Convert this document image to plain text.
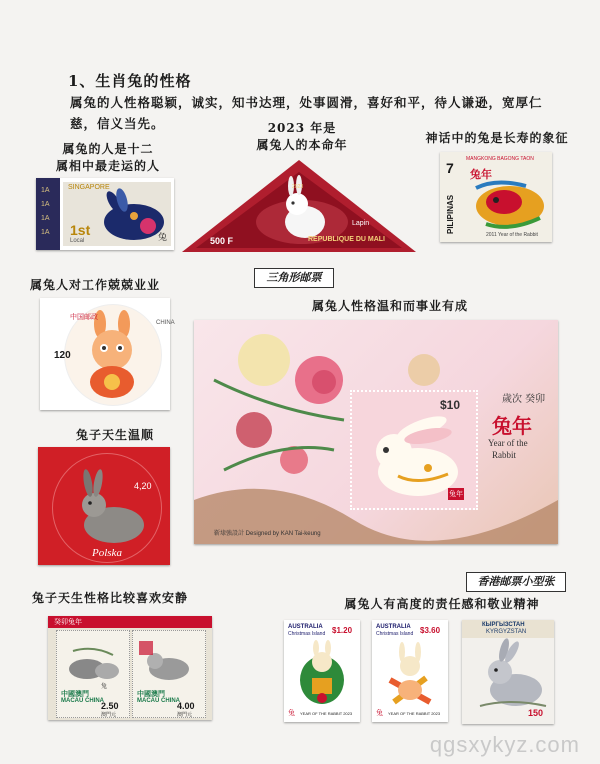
1、生肖兔的性格
属兔的人性格聪颖，诚实，知书达理，处事圆滑，喜好和平，待人谦逊，宽厚仁慈，信义当先。
属兔的人是十二
属相中最走运的人
2023 年是
属兔人的本命年	神话中的兔是长寿的象征
三角形邮票
属兔人对工作兢兢业业
属兔人性格温和而事业有成
兔子天生温顺
香港邮票小型张
兔子天生性格比较喜欢安静	属兔人有高度的责任感和敬业精神
1A
1A
1A
1A
SINGAPORE
1st
Local	兔
2023
Lapin
500 F	REPUBLIQUE DU MALI
7
PILIPINAS
MANGKONG BAGONG TAON
兔年
2011 Year of the Rabbit
中国邮政
CHINA
120
4,20
Polska
$10
兔年
歲次 癸卯
兔年
Year of the
Rabbit
靳埭強設計 Designed by KAN Tai-keung
癸卯兔年
兔
中國澳門
MACAU CHINA
2.50
澳門元
中國澳門
MACAU CHINA
4.00
澳門元
AUSTRALIA
Christmas Island $1.20
兔 YEAR OF THE RABBIT 2023
AUSTRALIA
Christmas Island $3.60
兔 YEAR OF THE RABBIT 2023
КЫРГЫЗСТАН
KYRGYZSTAN
150
qgsxykyz.com
